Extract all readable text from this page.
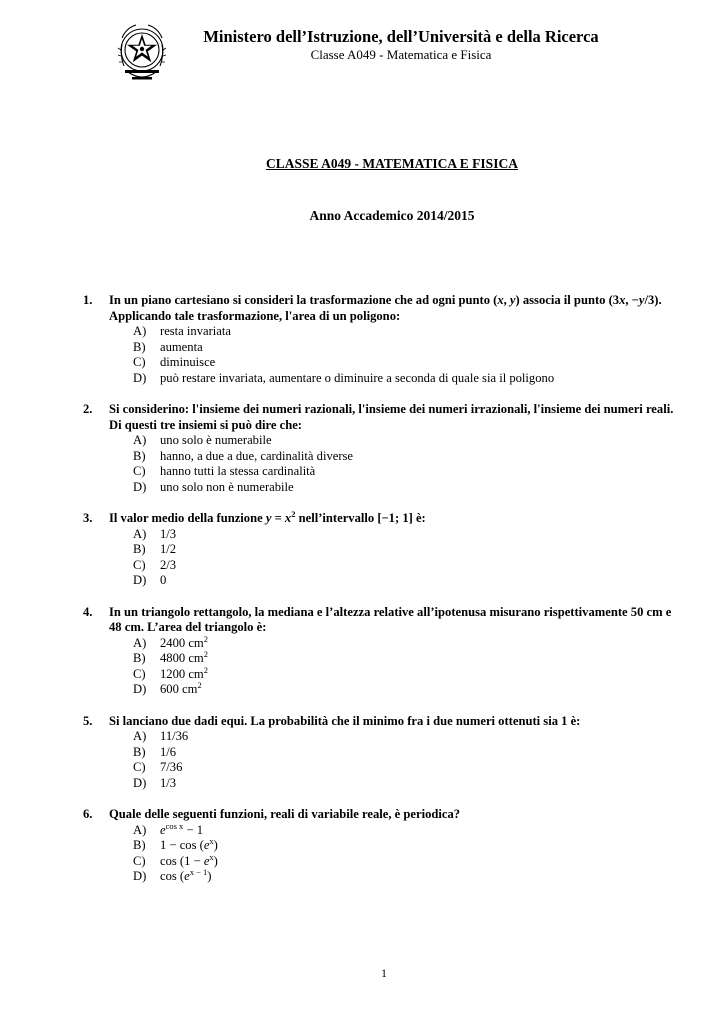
Ministero dell’Istruzione, dell’Università e della Ricerca
Classe A049 - Matematica e Fisica
CLASSE A049 - MATEMATICA E FISICA
Anno Accademico 2014/2015
1. In un piano cartesiano si consideri la trasformazione che ad ogni punto (x, y) associa il punto (3x, −y/3). Applicando tale trasformazione, l'area di un poligono:
A)	resta invariata
B)	aumenta
C)	diminuisce
D)	può restare invariata, aumentare o diminuire a seconda di quale sia il poligono
2. Si considerino: l'insieme dei numeri razionali, l'insieme dei numeri irrazionali, l'insieme dei numeri reali. Di questi tre insiemi si può dire che:
A)	uno solo è numerabile
B)	hanno, a due a due, cardinalità diverse
C)	hanno tutti la stessa cardinalità
D)	uno solo non è numerabile
3. Il valor medio della funzione $y = x^2$ nell’intervallo [−1; 1] è:
A)	1/3
B)	1/2
C)	2/3
D)	0
4. In un triangolo rettangolo, la mediana e l’altezza relative all’ipotenusa misurano rispettivamente 50 cm e 48 cm. L’area del triangolo è:
A)	2400 $cm^2$
B)	4800 $cm^2$
C)	1200 $cm^2$
D)	600 $cm^2$
5. Si lanciano due dadi equi. La probabilità che il minimo fra i due numeri ottenuti sia 1 è:
A)	11/36
B)	1/6
C)	7/36
D)	1/3
6. Quale delle seguenti funzioni, reali di variabile reale, è periodica?
A)	$e^{cos x} - 1$
B)	$1 - \cos (e^x)$
C)	$\cos (1 - e^x)$
D)	$\cos (e^{x - 1})$
1
